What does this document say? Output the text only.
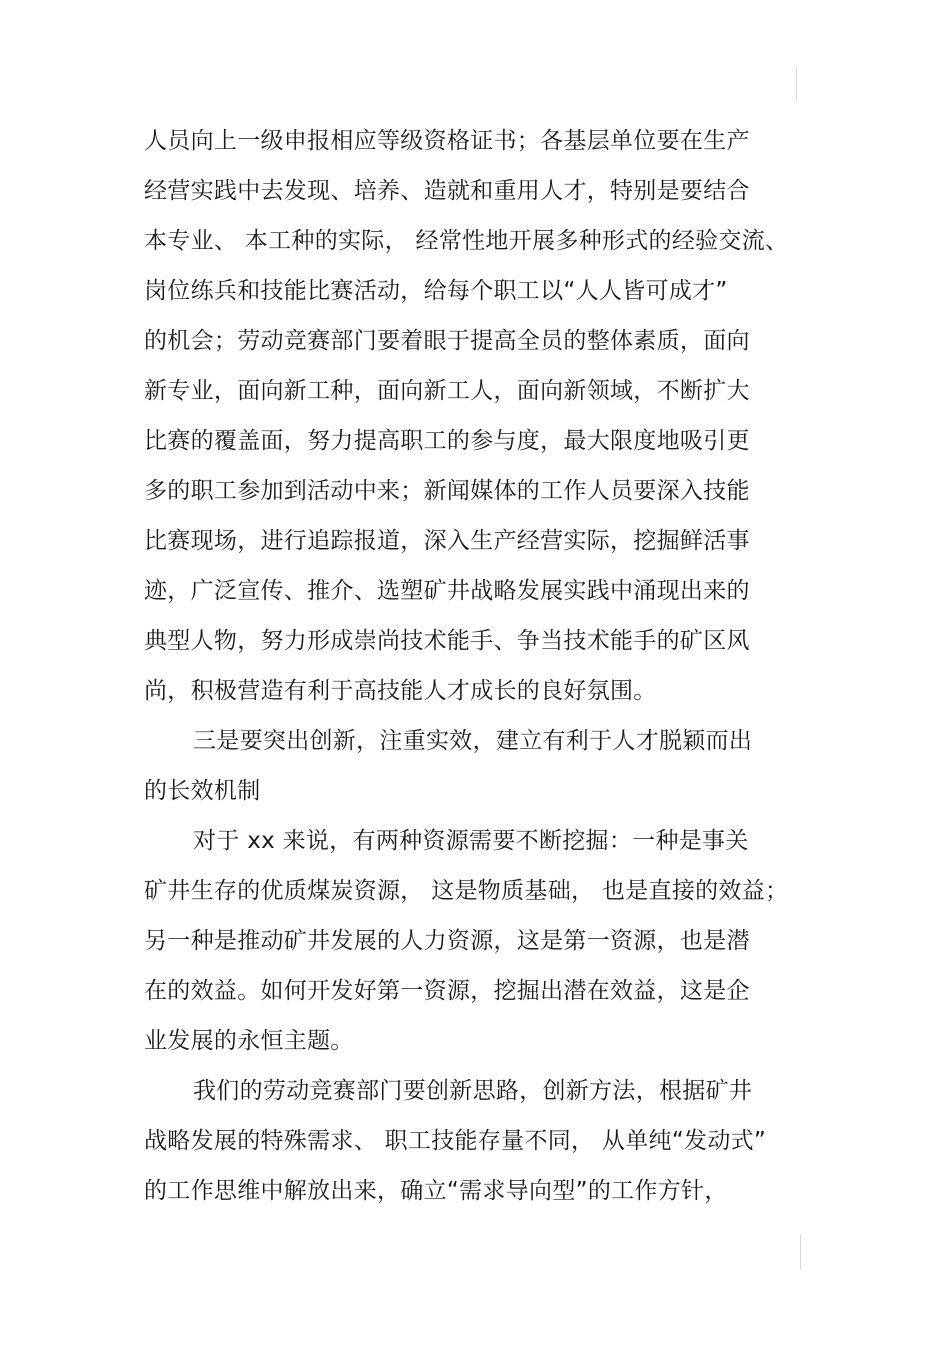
人员向上一级申报相应等级资格证书；各基层单位要在生产
经营实践中去发现、培养、造就和重用人才，特别是要结合
本专业、 本工种的实际， 经常性地开展多种形式的经验交流、
岗位练兵和技能比赛活动，给每个职工以“人人皆可成才”
的机会；劳动竞赛部门要着眼于提高全员的整体素质，面向
新专业，面向新工种，面向新工人，面向新领域，不断扩大
比赛的覆盖面，努力提高职工的参与度，最大限度地吸引更
多的职工参加到活动中来；新闻媒体的工作人员要深入技能
比赛现场，进行追踪报道，深入生产经营实际，挖掘鲜活事
迹，广泛宣传、推介、选塑矿井战略发展实践中涌现出来的
典型人物，努力形成崇尚技术能手、争当技术能手的矿区风
尚，积极营造有利于高技能人才成长的良好氛围。
三是要突出创新，注重实效，建立有利于人才脱颖而出
的长效机制
对于 xx 来说，有两种资源需要不断挖掘：一种是事关
矿井生存的优质煤炭资源， 这是物质基础， 也是直接的效益；
另一种是推动矿井发展的人力资源，这是第一资源，也是潜
在的效益。如何开发好第一资源，挖掘出潜在效益，这是企
业发展的永恒主题。
我们的劳动竞赛部门要创新思路，创新方法，根据矿井
战略发展的特殊需求、 职工技能存量不同， 从单纯“发动式”
的工作思维中解放出来，确立“需求导向型”的工作方针，
